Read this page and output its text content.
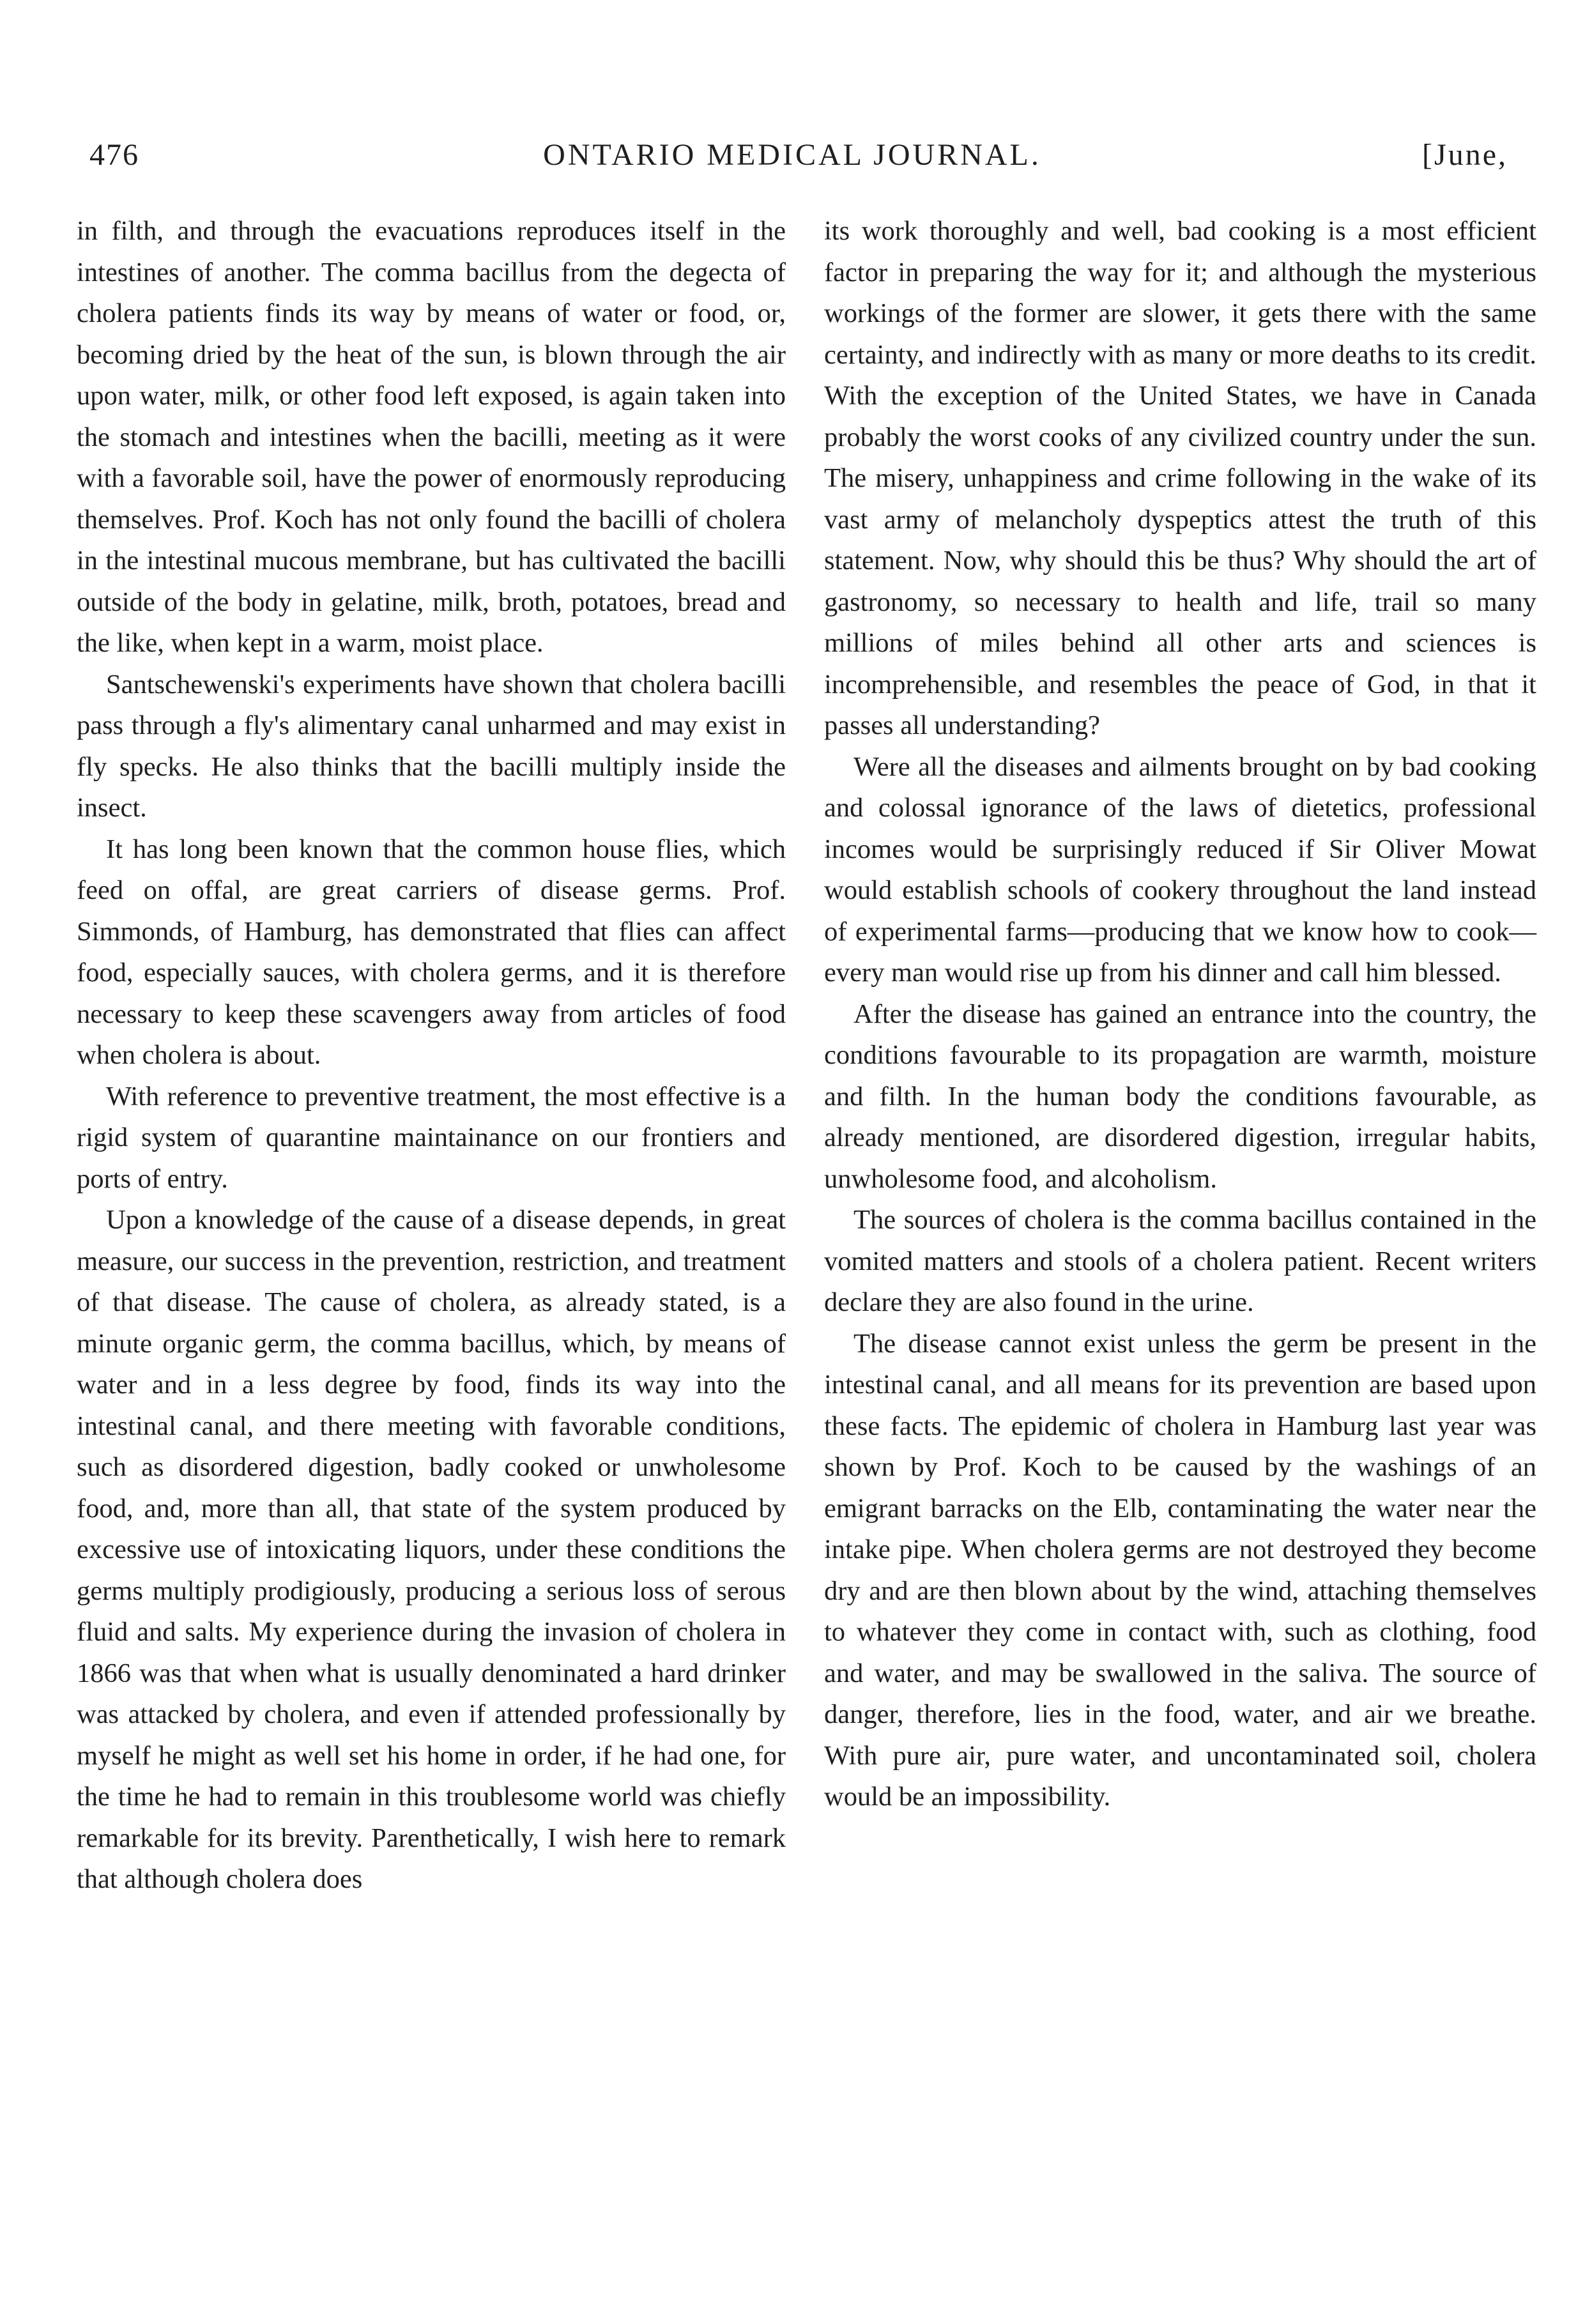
476	ONTARIO MEDICAL JOURNAL.	[June,

in filth, and through the evacuations reproduces itself in the intestines of another. The comma bacillus from the degecta of cholera patients finds its way by means of water or food, or, becoming dried by the heat of the sun, is blown through the air upon water, milk, or other food left exposed, is again taken into the stomach and intestines when the bacilli, meeting as it were with a favorable soil, have the power of enormously reproducing themselves. Prof. Koch has not only found the bacilli of cholera in the intestinal mucous membrane, but has cultivated the bacilli outside of the body in gelatine, milk, broth, potatoes, bread and the like, when kept in a warm, moist place.

Santschewenski's experiments have shown that cholera bacilli pass through a fly's alimentary canal unharmed and may exist in fly specks. He also thinks that the bacilli multiply inside the insect.

It has long been known that the common house flies, which feed on offal, are great carriers of disease germs. Prof. Simmonds, of Hamburg, has demonstrated that flies can affect food, especially sauces, with cholera germs, and it is therefore necessary to keep these scavengers away from articles of food when cholera is about.

With reference to preventive treatment, the most effective is a rigid system of quarantine maintainance on our frontiers and ports of entry.

Upon a knowledge of the cause of a disease depends, in great measure, our success in the prevention, restriction, and treatment of that disease. The cause of cholera, as already stated, is a minute organic germ, the comma bacillus, which, by means of water and in a less degree by food, finds its way into the intestinal canal, and there meeting with favorable conditions, such as disordered digestion, badly cooked or unwholesome food, and, more than all, that state of the system produced by excessive use of intoxicating liquors, under these conditions the germs multiply prodigiously, producing a serious loss of serous fluid and salts. My experience during the invasion of cholera in 1866 was that when what is usually denominated a hard drinker was attacked by cholera, and even if attended professionally by myself he might as well set his home in order, if he had one, for the time he had to remain in this troublesome world was chiefly remarkable for its brevity. Parenthetically, I wish here to remark that although cholera does

its work thoroughly and well, bad cooking is a most efficient factor in preparing the way for it; and although the mysterious workings of the former are slower, it gets there with the same certainty, and indirectly with as many or more deaths to its credit. With the exception of the United States, we have in Canada probably the worst cooks of any civilized country under the sun. The misery, unhappiness and crime following in the wake of its vast army of melancholy dyspeptics attest the truth of this statement. Now, why should this be thus? Why should the art of gastronomy, so necessary to health and life, trail so many millions of miles behind all other arts and sciences is incomprehensible, and resembles the peace of God, in that it passes all understanding?

Were all the diseases and ailments brought on by bad cooking and colossal ignorance of the laws of dietetics, professional incomes would be surprisingly reduced if Sir Oliver Mowat would establish schools of cookery throughout the land instead of experimental farms—producing that we know how to cook—every man would rise up from his dinner and call him blessed.

After the disease has gained an entrance into the country, the conditions favourable to its propagation are warmth, moisture and filth. In the human body the conditions favourable, as already mentioned, are disordered digestion, irregular habits, unwholesome food, and alcoholism.

The sources of cholera is the comma bacillus contained in the vomited matters and stools of a cholera patient. Recent writers declare they are also found in the urine.

The disease cannot exist unless the germ be present in the intestinal canal, and all means for its prevention are based upon these facts. The epidemic of cholera in Hamburg last year was shown by Prof. Koch to be caused by the washings of an emigrant barracks on the Elb, contaminating the water near the intake pipe. When cholera germs are not destroyed they become dry and are then blown about by the wind, attaching themselves to whatever they come in contact with, such as clothing, food and water, and may be swallowed in the saliva. The source of danger, therefore, lies in the food, water, and air we breathe. With pure air, pure water, and uncontaminated soil, cholera would be an impossibility.
